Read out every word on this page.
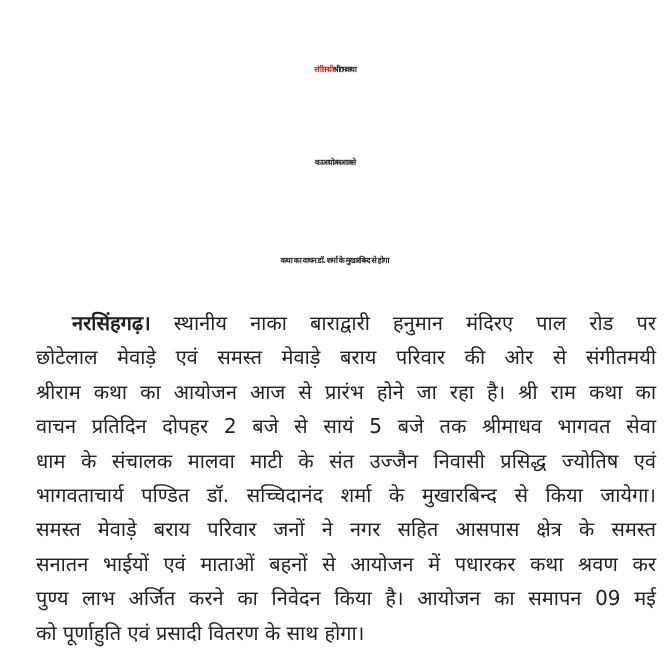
संगीतमयी श्रीराम कथा
का आयोजन आज से
कथा का वाचन डॉ. शर्मा के मुखारबिन्द से होगा
नरसिंहगढ़। स्थानीय नाका बाराद्वारी हनुमान मंदिरए पाल रोड पर
छोटेलाल मेवाड़े एवं समस्त मेवाड़े बराय परिवार की ओर से संगीतमयी
श्रीराम कथा का आयोजन आज से प्रारंभ होने जा रहा है। श्री राम कथा का
वाचन प्रतिदिन दोपहर 2 बजे से सायं 5 बजे तक श्रीमाधव भागवत सेवा
धाम के संचालक मालवा माटी के संत उज्जैन निवासी प्रसिद्ध ज्योतिष एवं
भागवताचार्य पण्डित डॉ. सच्चिदानंद शर्मा के मुखारबिन्द से किया जायेगा।
समस्त मेवाड़े बराय परिवार जनों ने नगर सहित आसपास क्षेत्र के समस्त
सनातन भाईयों एवं माताओं बहनों से आयोजन में पधारकर कथा श्रवण कर
पुण्य लाभ अर्जित करने का निवेदन किया है। आयोजन का समापन 09 मई
को पूर्णाहुति एवं प्रसादी वितरण के साथ होगा।
